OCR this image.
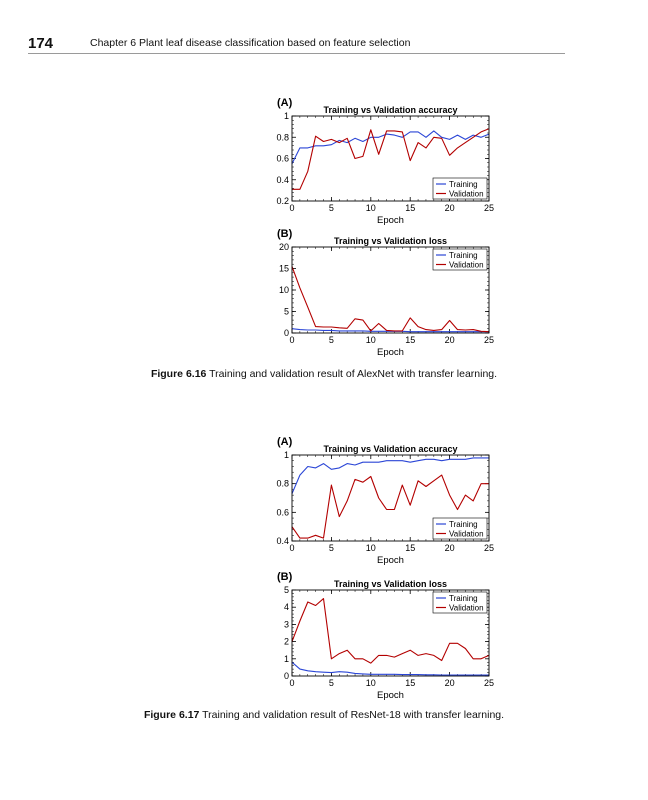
174	Chapter 6 Plant leaf disease classification based on feature selection
0	5	10	15	20	25
0.2
0.4
0.6
0.8
1
Training vs Validation accuracy
(A)
Epoch
Training
Validation
0	5	10	15	20	25
0
5
10
15
20
Training vs Validation loss
(B)
Epoch
Training
Validation
0	5	10	15	20	25
0.4
0.6
0.8
1
Training vs Validation accuracy
(A)
Epoch
Training
Validation
0	5	10	15	20	25
0
1
2
3
4
5
Training vs Validation loss
(B)
Epoch
Training
Validation
Figure 6.16 Training and validation result of AlexNet with transfer learning.
Figure 6.17 Training and validation result of ResNet-18 with transfer learning.
